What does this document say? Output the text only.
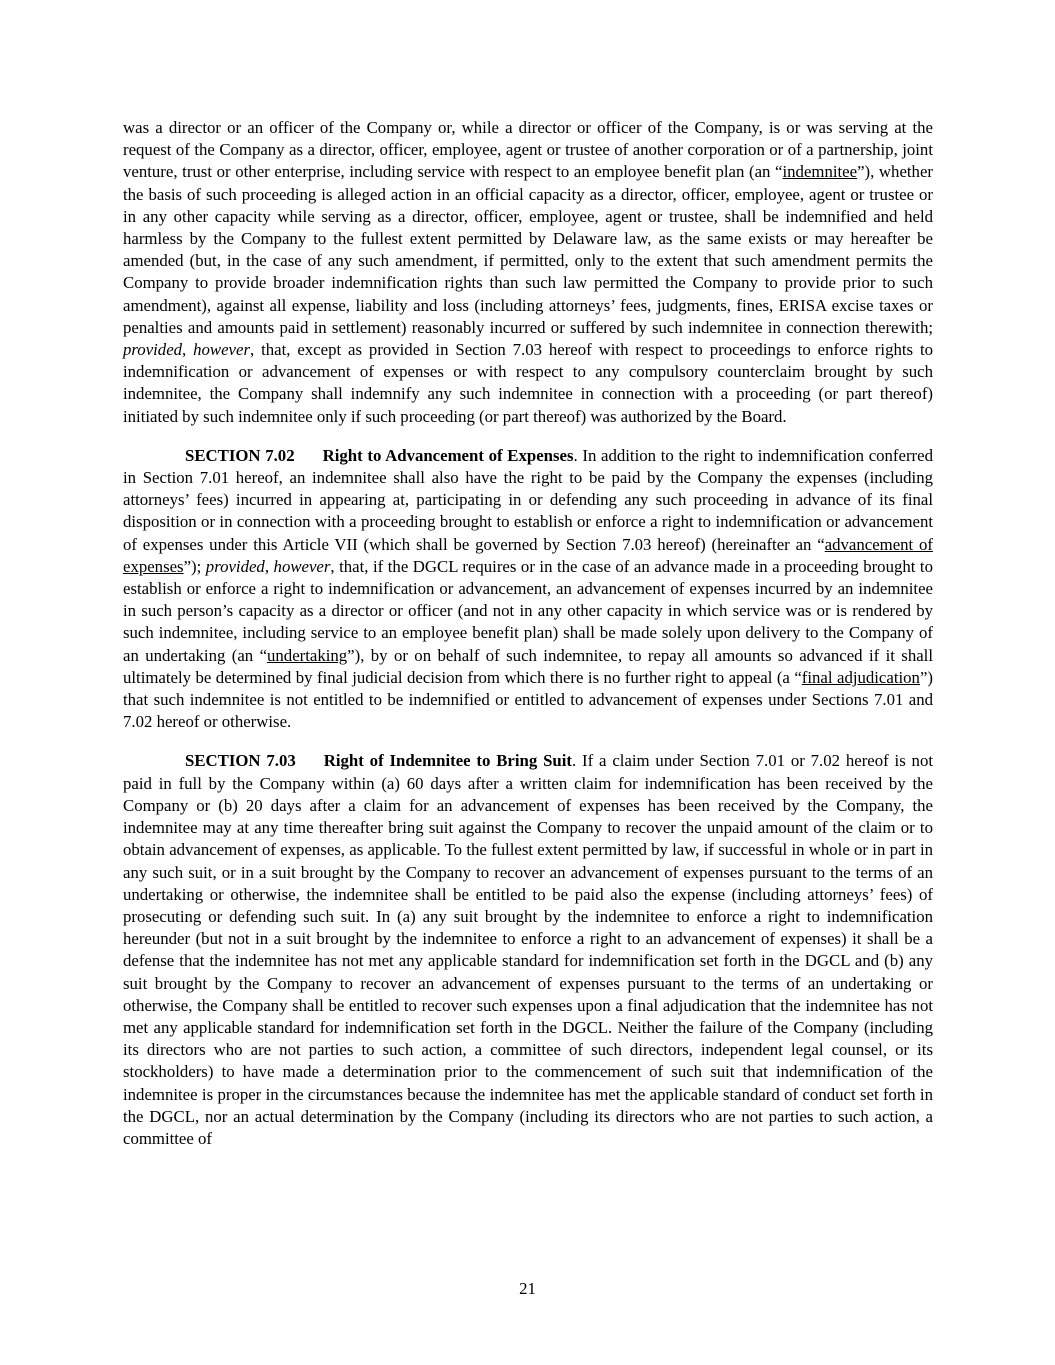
was a director or an officer of the Company or, while a director or officer of the Company, is or was serving at the request of the Company as a director, officer, employee, agent or trustee of another corporation or of a partnership, joint venture, trust or other enterprise, including service with respect to an employee benefit plan (an “indemnitee”), whether the basis of such proceeding is alleged action in an official capacity as a director, officer, employee, agent or trustee or in any other capacity while serving as a director, officer, employee, agent or trustee, shall be indemnified and held harmless by the Company to the fullest extent permitted by Delaware law, as the same exists or may hereafter be amended (but, in the case of any such amendment, if permitted, only to the extent that such amendment permits the Company to provide broader indemnification rights than such law permitted the Company to provide prior to such amendment), against all expense, liability and loss (including attorneys’ fees, judgments, fines, ERISA excise taxes or penalties and amounts paid in settlement) reasonably incurred or suffered by such indemnitee in connection therewith; provided, however, that, except as provided in Section 7.03 hereof with respect to proceedings to enforce rights to indemnification or advancement of expenses or with respect to any compulsory counterclaim brought by such indemnitee, the Company shall indemnify any such indemnitee in connection with a proceeding (or part thereof) initiated by such indemnitee only if such proceeding (or part thereof) was authorized by the Board.

SECTION 7.02 Right to Advancement of Expenses. In addition to the right to indemnification conferred in Section 7.01 hereof, an indemnitee shall also have the right to be paid by the Company the expenses (including attorneys’ fees) incurred in appearing at, participating in or defending any such proceeding in advance of its final disposition or in connection with a proceeding brought to establish or enforce a right to indemnification or advancement of expenses under this Article VII (which shall be governed by Section 7.03 hereof) (hereinafter an “advancement of expenses”); provided, however, that, if the DGCL requires or in the case of an advance made in a proceeding brought to establish or enforce a right to indemnification or advancement, an advancement of expenses incurred by an indemnitee in such person’s capacity as a director or officer (and not in any other capacity in which service was or is rendered by such indemnitee, including service to an employee benefit plan) shall be made solely upon delivery to the Company of an undertaking (an “undertaking”), by or on behalf of such indemnitee, to repay all amounts so advanced if it shall ultimately be determined by final judicial decision from which there is no further right to appeal (a “final adjudication”) that such indemnitee is not entitled to be indemnified or entitled to advancement of expenses under Sections 7.01 and 7.02 hereof or otherwise.

SECTION 7.03 Right of Indemnitee to Bring Suit. If a claim under Section 7.01 or 7.02 hereof is not paid in full by the Company within (a) 60 days after a written claim for indemnification has been received by the Company or (b) 20 days after a claim for an advancement of expenses has been received by the Company, the indemnitee may at any time thereafter bring suit against the Company to recover the unpaid amount of the claim or to obtain advancement of expenses, as applicable. To the fullest extent permitted by law, if successful in whole or in part in any such suit, or in a suit brought by the Company to recover an advancement of expenses pursuant to the terms of an undertaking or otherwise, the indemnitee shall be entitled to be paid also the expense (including attorneys’ fees) of prosecuting or defending such suit. In (a) any suit brought by the indemnitee to enforce a right to indemnification hereunder (but not in a suit brought by the indemnitee to enforce a right to an advancement of expenses) it shall be a defense that the indemnitee has not met any applicable standard for indemnification set forth in the DGCL and (b) any suit brought by the Company to recover an advancement of expenses pursuant to the terms of an undertaking or otherwise, the Company shall be entitled to recover such expenses upon a final adjudication that the indemnitee has not met any applicable standard for indemnification set forth in the DGCL. Neither the failure of the Company (including its directors who are not parties to such action, a committee of such directors, independent legal counsel, or its stockholders) to have made a determination prior to the commencement of such suit that indemnification of the indemnitee is proper in the circumstances because the indemnitee has met the applicable standard of conduct set forth in the DGCL, nor an actual determination by the Company (including its directors who are not parties to such action, a committee of

21
